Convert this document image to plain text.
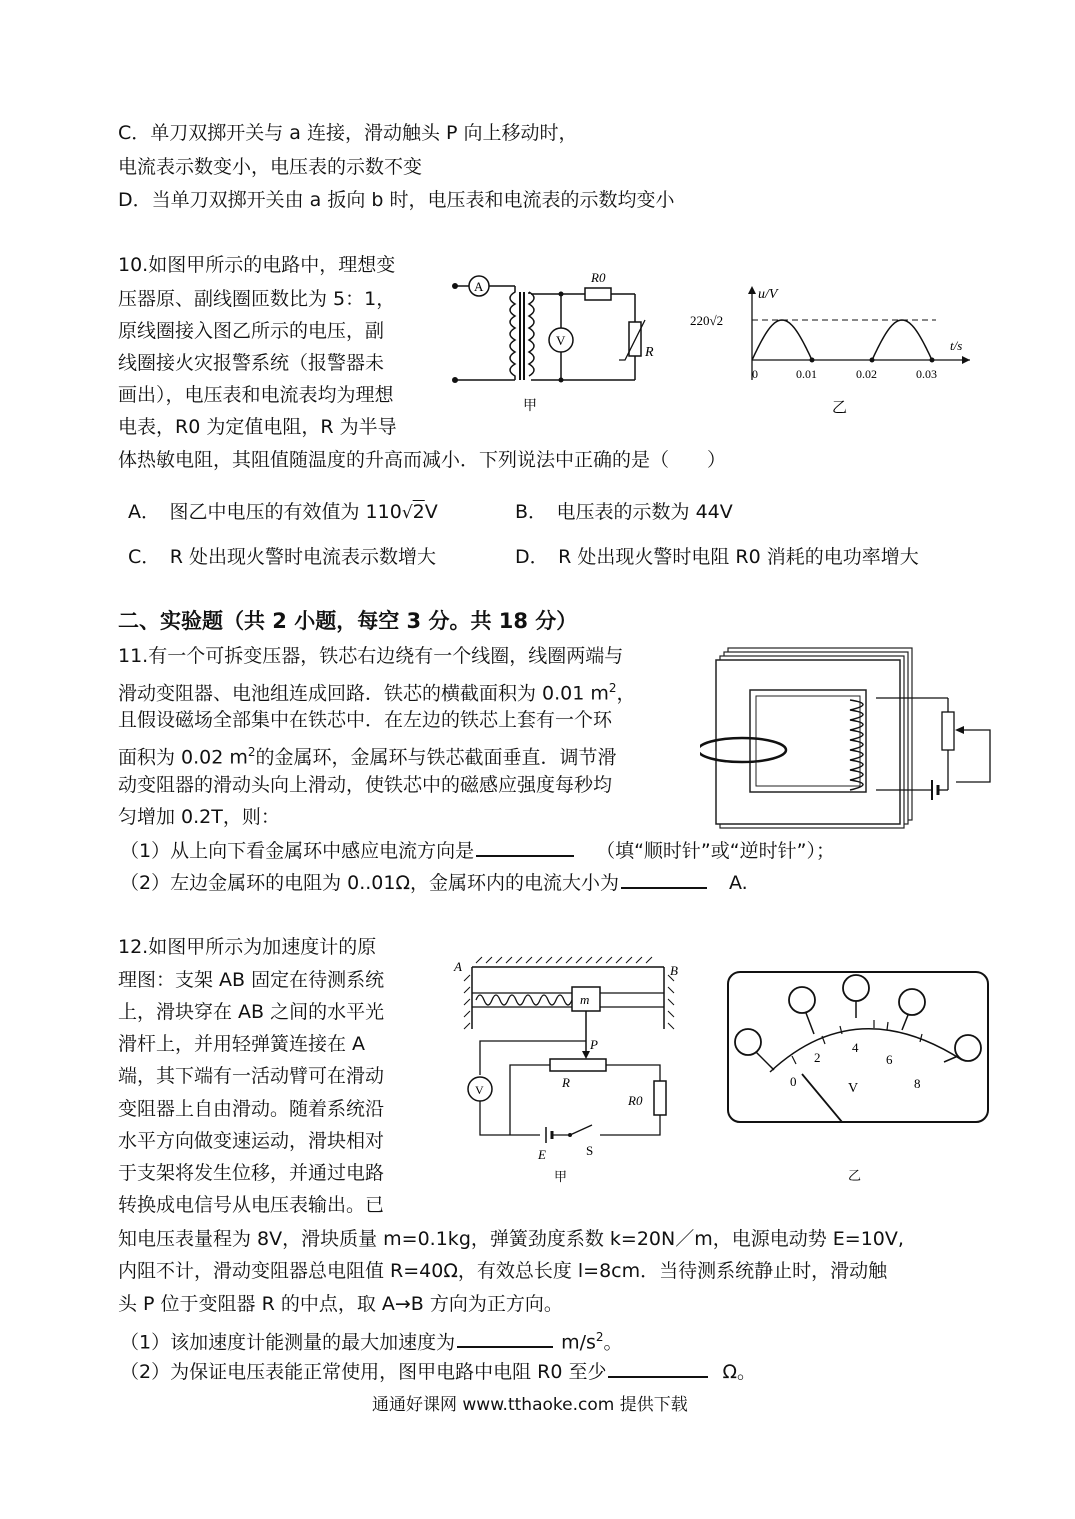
C．单刀双掷开关与 a 连接，滑动触头 P 向上移动时，
电流表示数变小，电压表的示数不变
D．当单刀双掷开关由 a 扳向 b 时，电压表和电流表的示数均变小
10.如图甲所示的电路中，理想变
压器原、副线圈匝数比为 5：1，
原线圈接入图乙所示的电压，副
线圈接火灾报警系统（报警器未
画出），电压表和电流表均为理想
电表，R0 为定值电阻，R 为半导
体热敏电阻，其阻值随温度的升高而减小．下列说法中正确的是（　　）
A
V
R0
R
甲
u/V
220√2
t/s
0	0.01	0.02	0.03
乙
A．　图乙中电压的有效值为 110√2V	B．　电压表的示数为 44V
C．　R 处出现火警时电流表示数增大	D．　R 处出现火警时电阻 R0 消耗的电功率增大
二、实验题（共 2 小题，每空 3 分。共 18 分）
11.有一个可拆变压器，铁芯右边绕有一个线圈，线圈两端与
滑动变阻器、电池组连成回路．铁芯的横截面积为 0.01 $m^2$，
且假设磁场全部集中在铁芯中．在左边的铁芯上套有一个环
面积为 0.02 $m^2$的金属环，金属环与铁芯截面垂直．调节滑
动变阻器的滑动头向上滑动，使铁芯中的磁感应强度每秒均
匀增加 0.2T，则：
（1）从上向下看金属环中感应电流方向是	（填“顺时针”或“逆时针”）；
（2）左边金属环的电阻为 0..01Ω，金属环内的电流大小为	A.
12.如图甲所示为加速度计的原
理图：支架 AB 固定在待测系统
上，滑块穿在 AB 之间的水平光
滑杆上，并用轻弹簧连接在 A
端，其下端有一活动臂可在滑动
变阻器上自由滑动。随着系统沿
水平方向做变速运动，滑块相对
于支架将发生位移，并通过电路
转换成电信号从电压表输出。已
知电压表量程为 8V，滑块质量 m=0.1kg，弹簧劲度系数 k=20N／m，电源电动势 E=10V,
内阻不计，滑动变阻器总电阻值 R=40Ω，有效总长度 l=8cm．当待测系统静止时，滑动触
头 P 位于变阻器 R 的中点，取 A→B 方向为正方向。
A	B
m
P
R
V
R0
E	S
甲
0
2
4
6
8
V
乙
（1）该加速度计能测量的最大加速度为	$m/s^2$。
（2）为保证电压表能正常使用，图甲电路中电阻 R0 至少	Ω。
通通好课网 www.tthaoke.com 提供下载
